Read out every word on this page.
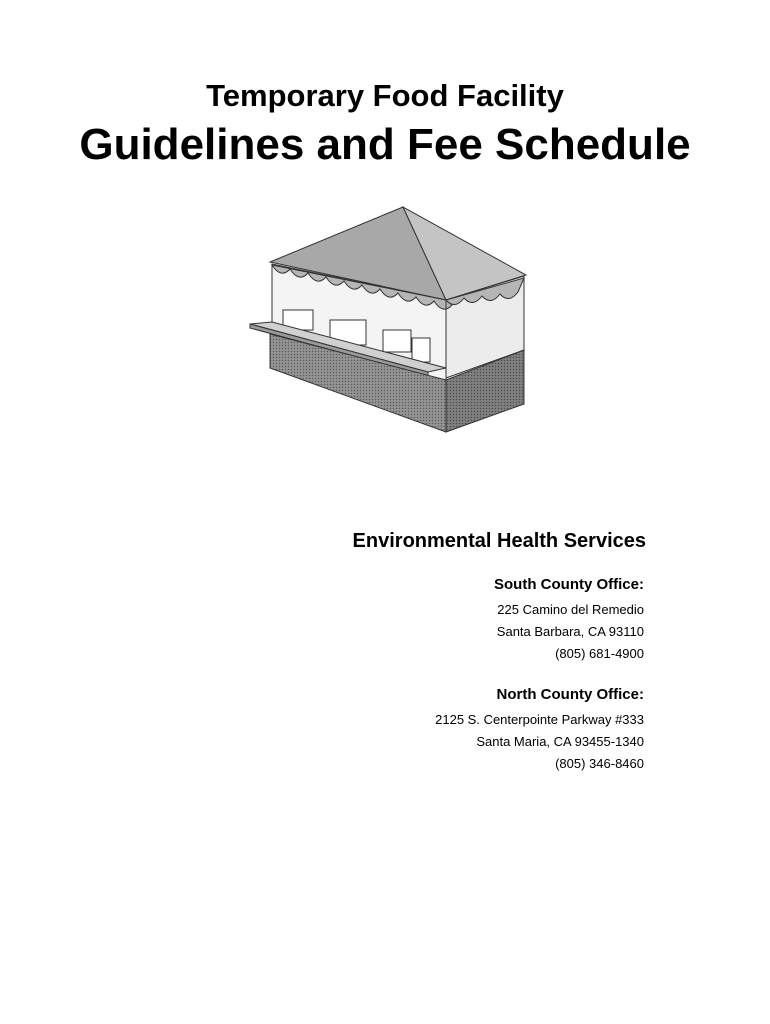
Temporary Food Facility
Guidelines and Fee Schedule
Environmental Health Services
South County Office:
225 Camino del Remedio
Santa Barbara, CA 93110
(805) 681-4900
North County Office:
2125 S. Centerpointe Parkway #333
Santa Maria, CA 93455-1340
(805) 346-8460
